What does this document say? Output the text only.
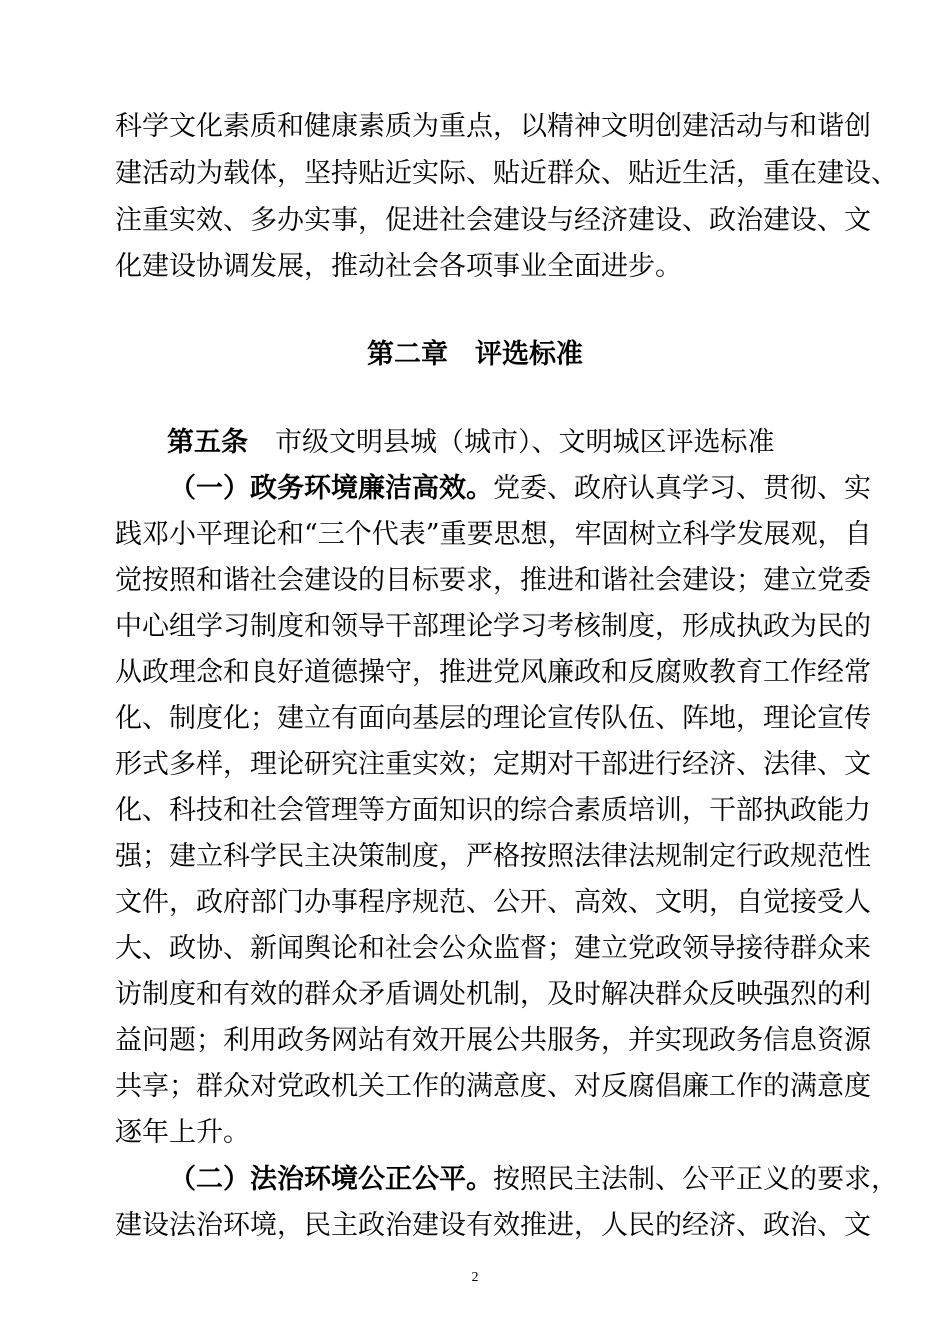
科学文化素质和健康素质为重点，以精神文明创建活动与和谐创
建活动为载体，坚持贴近实际、贴近群众、贴近生活，重在建设、
注重实效、多办实事，促进社会建设与经济建设、政治建设、文
化建设协调发展，推动社会各项事业全面进步。
第二章　评选标准
第五条　 市级文明县城（城市）、文明城区评选标准
（一）政务环境廉洁高效。党委、政府认真学习、贯彻、实
践邓小平理论和“三个代表”重要思想，牢固树立科学发展观，自
觉按照和谐社会建设的目标要求，推进和谐社会建设；建立党委
中心组学习制度和领导干部理论学习考核制度，形成执政为民的
从政理念和良好道德操守，推进党风廉政和反腐败教育工作经常
化、制度化；建立有面向基层的理论宣传队伍、阵地，理论宣传
形式多样，理论研究注重实效；定期对干部进行经济、法律、文
化、科技和社会管理等方面知识的综合素质培训，干部执政能力
强；建立科学民主决策制度，严格按照法律法规制定行政规范性
文件，政府部门办事程序规范、公开、高效、文明，自觉接受人
大、政协、新闻舆论和社会公众监督；建立党政领导接待群众来
访制度和有效的群众矛盾调处机制，及时解决群众反映强烈的利
益问题；利用政务网站有效开展公共服务，并实现政务信息资源
共享；群众对党政机关工作的满意度、对反腐倡廉工作的满意度
逐年上升。
（二）法治环境公正公平。按照民主法制、公平正义的要求，
建设法治环境，民主政治建设有效推进，人民的经济、政治、文
2
